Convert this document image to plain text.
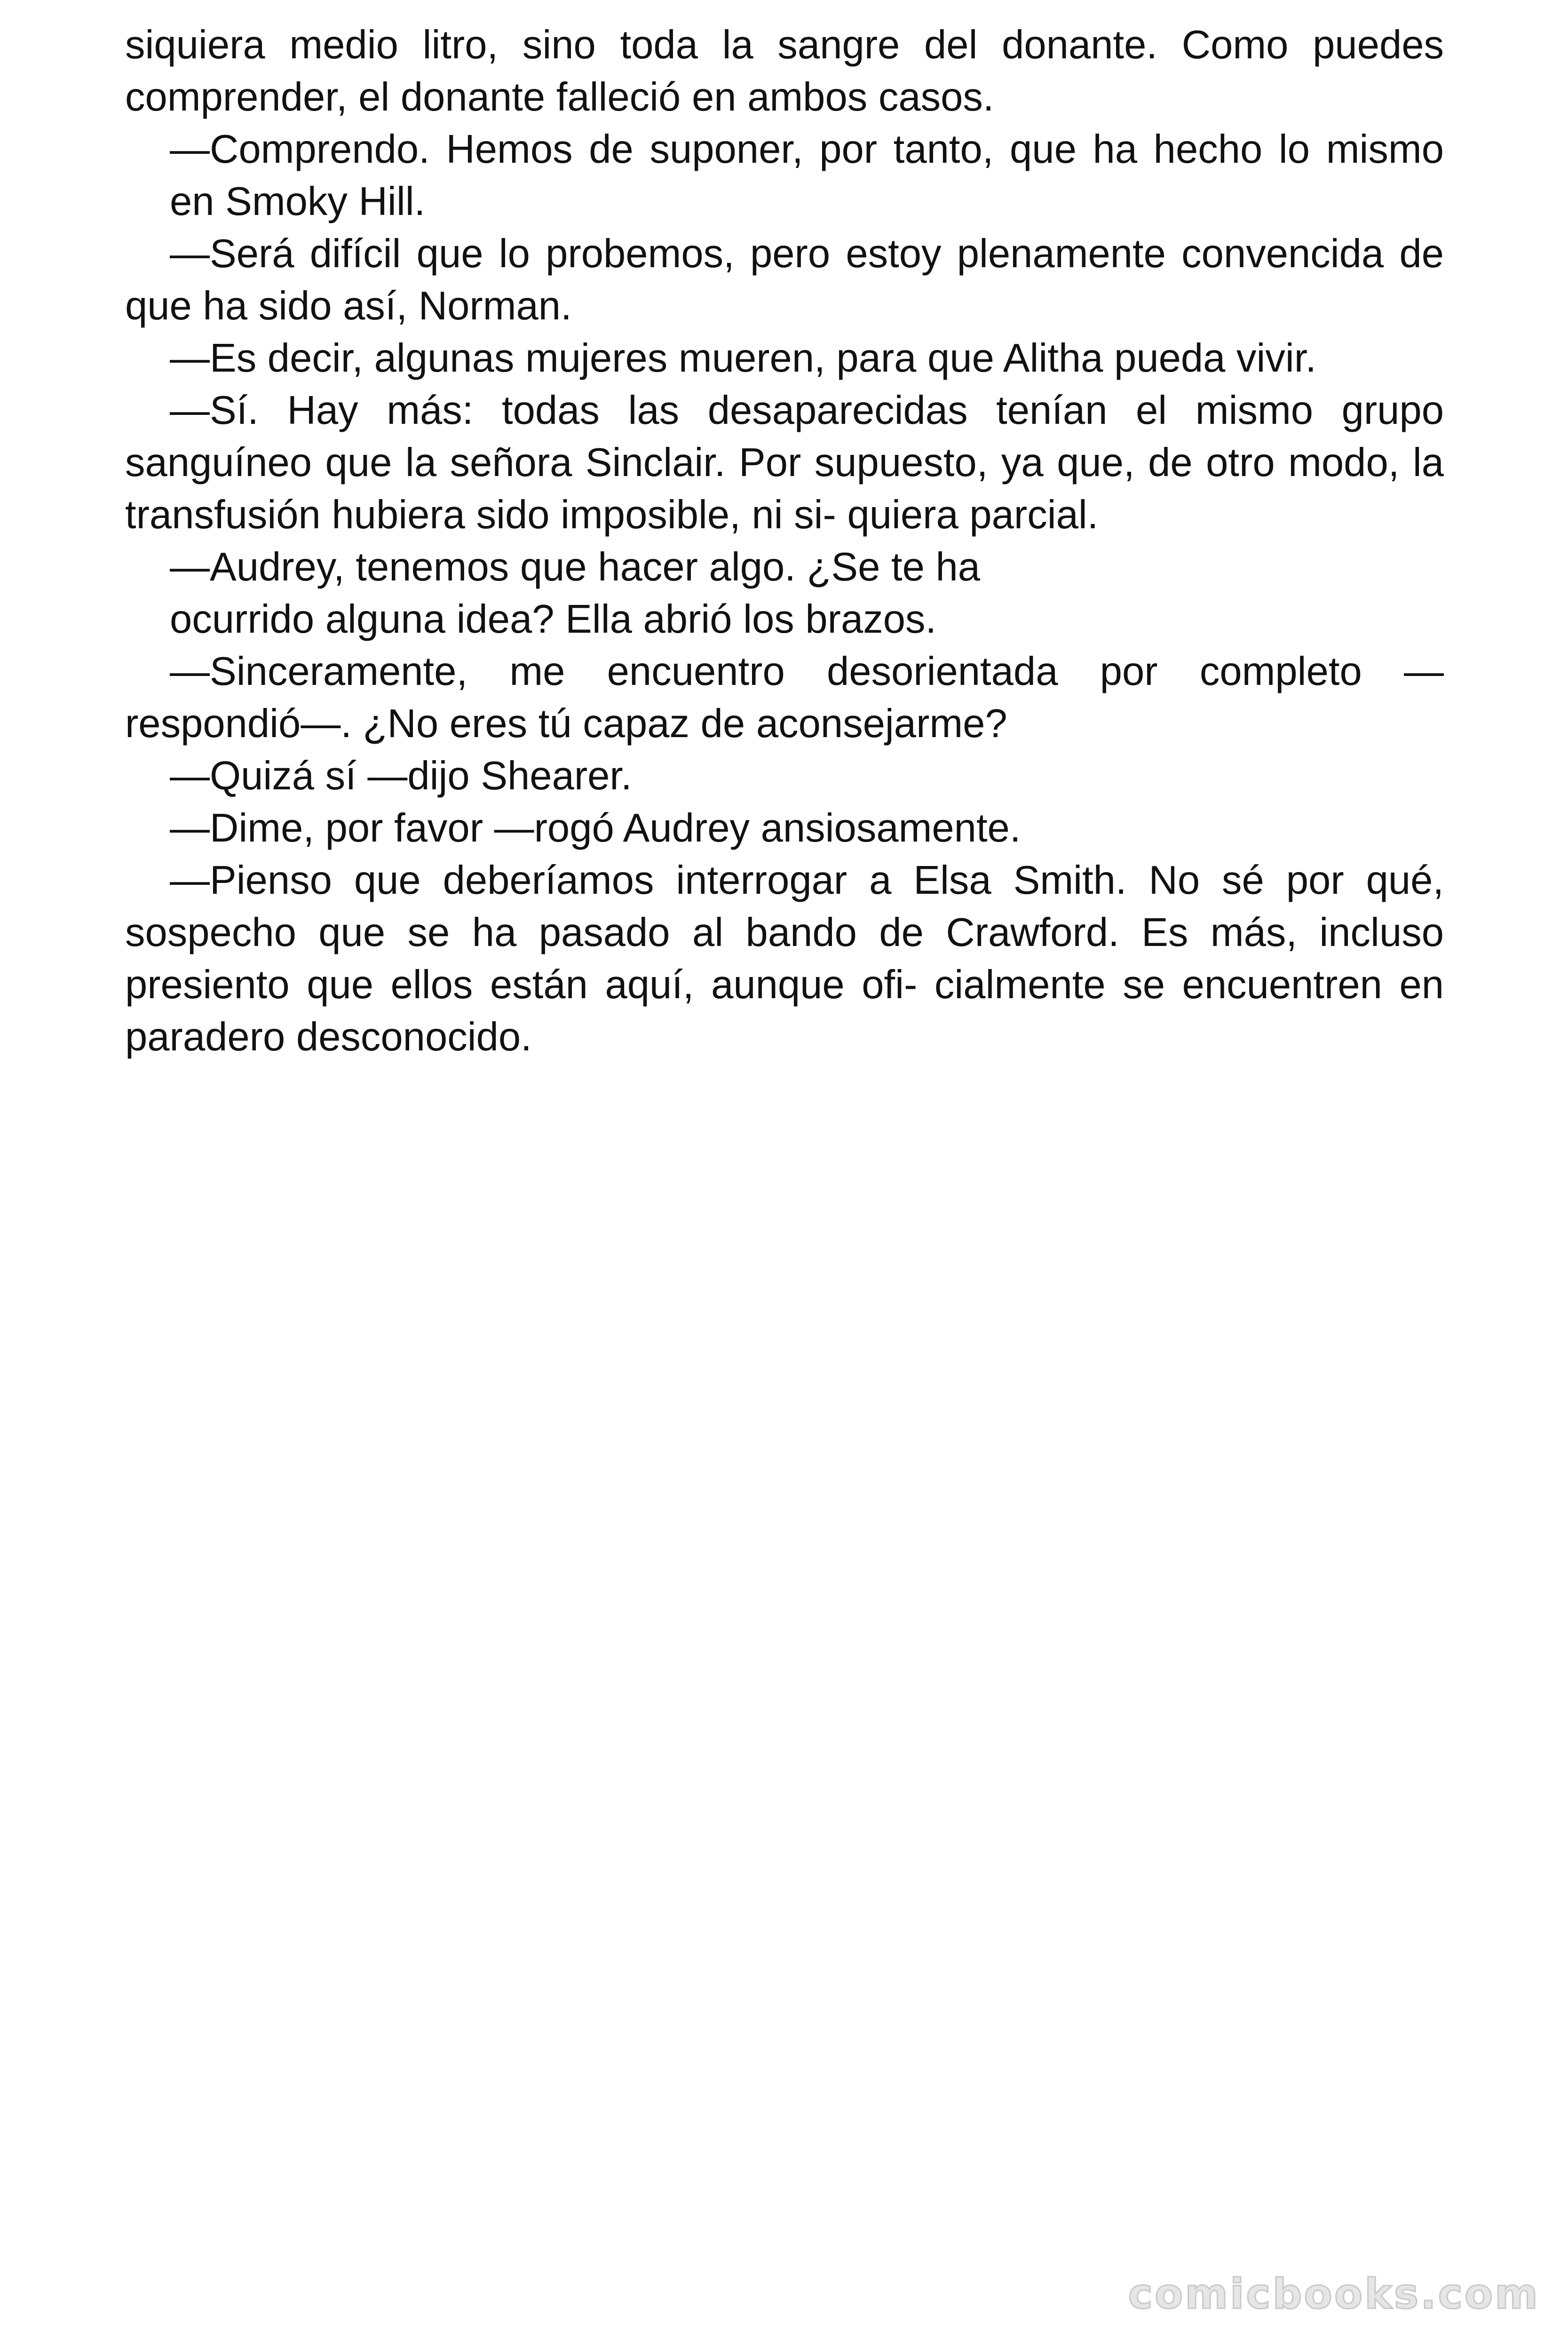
siquiera medio litro, sino toda la sangre del donante. Como puedes comprender, el donante falleció en ambos casos.

—Comprendo. Hemos de suponer, por tanto, que ha hecho lo mismo en Smoky Hill.

—Será difícil que lo probemos, pero estoy plenamente convencida de que ha sido así, Norman.

—Es decir, algunas mujeres mueren, para que Alitha pueda vivir.

—Sí. Hay más: todas las desaparecidas tenían el mismo grupo sanguíneo que la señora Sinclair. Por supuesto, ya que, de otro modo, la transfusión hubiera sido imposible, ni si- quiera parcial.

—Audrey, tenemos que hacer algo. ¿Se te ha

ocurrido alguna idea? Ella abrió los brazos.

—Sinceramente, me encuentro desorientada por completo — respondió—. ¿No eres tú capaz de aconsejarme?

—Quizá sí —dijo Shearer.

—Dime, por favor —rogó Audrey ansiosamente.

—Pienso que deberíamos interrogar a Elsa Smith. No sé por qué, sospecho que se ha pasado al bando de Crawford. Es más, incluso presiento que ellos están aquí, aunque ofi- cialmente se encuentren en paradero desconocido.

comicbooks.com
